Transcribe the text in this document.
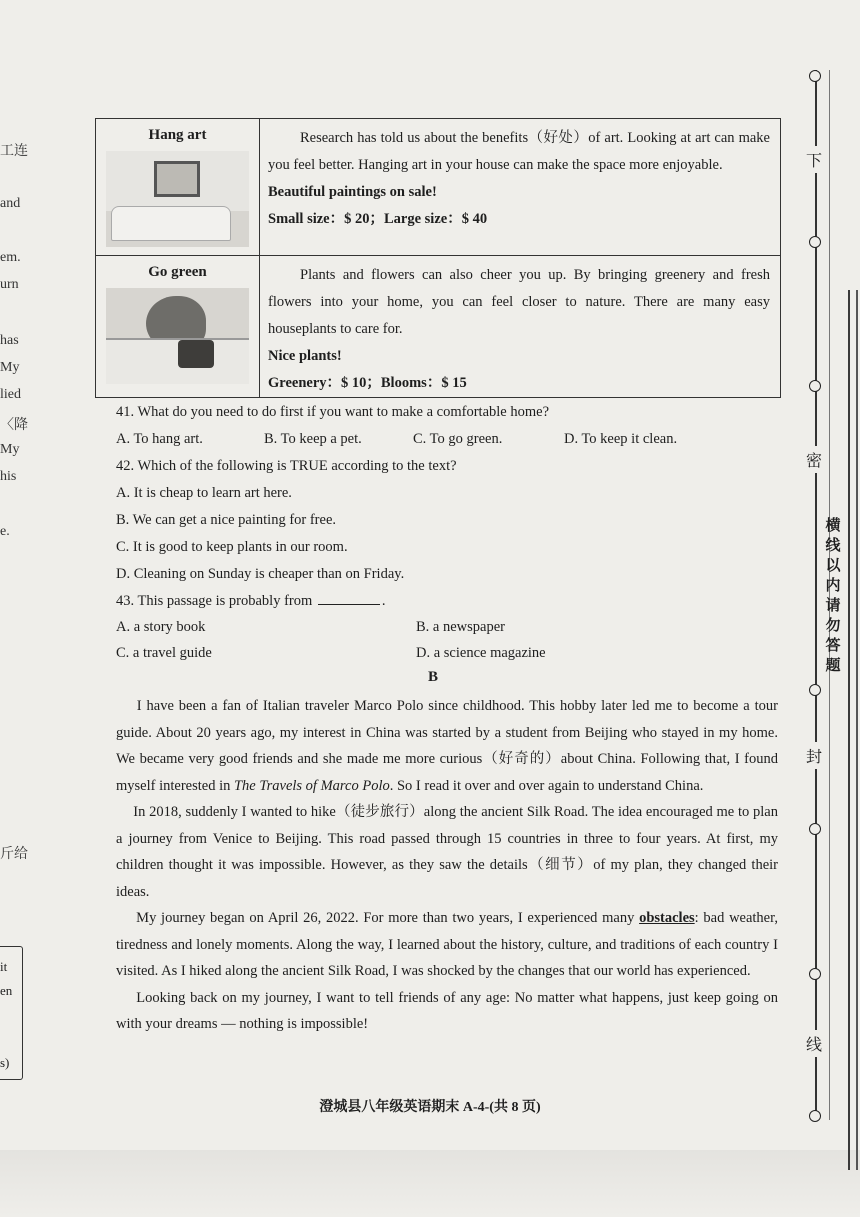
工连
and
em.
urn
has
My
lied
〈降
My
his
e.
斤给
it
en
s)
Hang art	Research has told us about the benefits（好处）of art. Looking at art can make you feel better. Hanging art in your house can make the space more enjoyable.

Beautiful paintings on sale!
Small size：$ 20；Large size：$ 40

Go green	Plants and flowers can also cheer you up. By bringing greenery and fresh flowers into your home, you can feel closer to nature. There are many easy houseplants to care for.

Nice plants!
Greenery：$ 10；Blooms：$ 15
41. What do you need to do first if you want to make a comfortable home?
A. To hang art.	B. To keep a pet.	C. To go green.	D. To keep it clean.
42. Which of the following is TRUE according to the text?
A. It is cheap to learn art here.
B. We can get a nice painting for free.
C. It is good to keep plants in our room.
D. Cleaning on Sunday is cheaper than on Friday.
43. This passage is probably from	.
A. a story book	B. a newspaper
C. a travel guide	D. a science magazine
B

I have been a fan of Italian traveler Marco Polo since childhood. This hobby later led me to become a tour guide. About 20 years ago, my interest in China was started by a student from Beijing who stayed in my home. We became very good friends and she made me more curious（好奇的）about China. Following that, I found myself interested in The Travels of Marco Polo. So I read it over and over again to understand China.

In 2018, suddenly I wanted to hike（徒步旅行）along the ancient Silk Road. The idea encouraged me to plan a journey from Venice to Beijing. This road passed through 15 countries in three to four years. At first, my children thought it was impossible. However, as they saw the details（细节）of my plan, they changed their ideas.

My journey began on April 26, 2022. For more than two years, I experienced many obstacles: bad weather, tiredness and lonely moments. Along the way, I learned about the history, culture, and traditions of each country I visited. As I hiked along the ancient Silk Road, I was shocked by the changes that our world has experienced.

Looking back on my journey, I want to tell friends of any age: No matter what happens, just keep going on with your dreams — nothing is impossible!

澄城县八年级英语期末 A-4-(共 8 页)
下
密
封
线
横线以内请勿答题
